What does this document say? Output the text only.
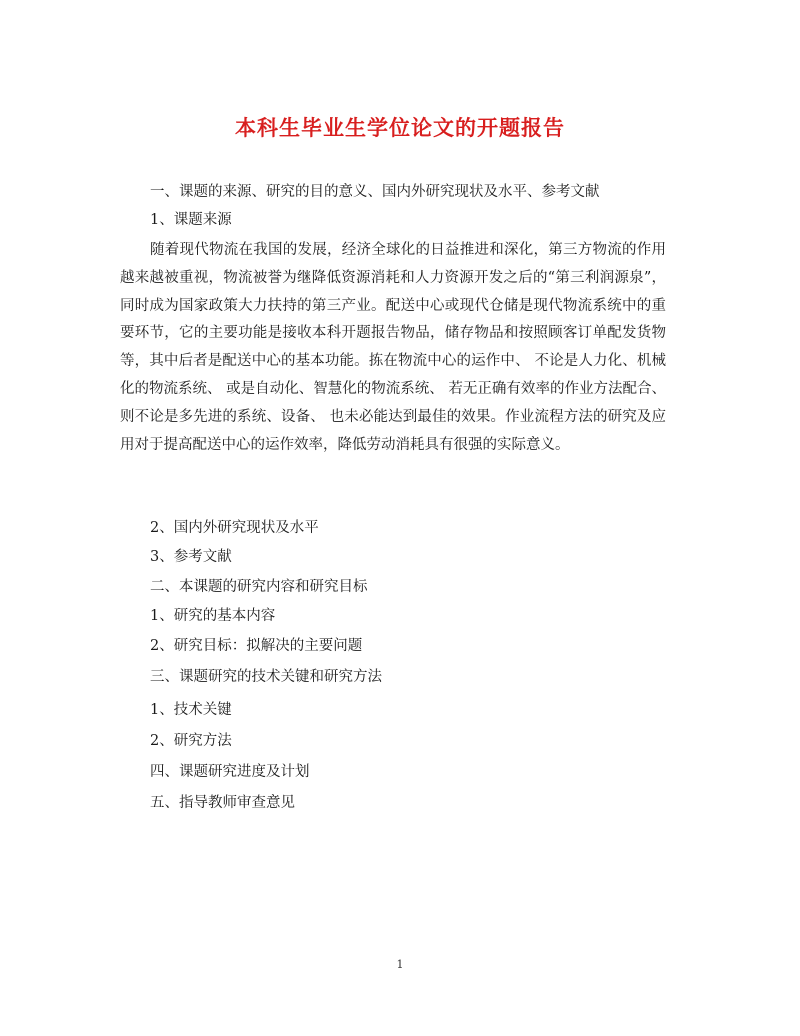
本科生毕业生学位论文的开题报告

一、课题的来源、研究的目的意义、国内外研究现状及水平、参考文献

1、课题来源

随着现代物流在我国的发展，经济全球化的日益推进和深化，第三方物流的作用越来越被重视，物流被誉为继降低资源消耗和人力资源开发之后的“第三利润源泉”，同时成为国家政策大力扶持的第三产业。配送中心或现代仓储是现代物流系统中的重要环节，它的主要功能是接收本科开题报告物品，储存物品和按照顾客订单配发货物等，其中后者是配送中心的基本功能。拣在物流中心的运作中、 不论是人力化、机械化的物流系统、 或是自动化、智慧化的物流系统、 若无正确有效率的作业方法配合、 则不论是多先进的系统、设备、 也未必能达到最佳的效果。作业流程方法的研究及应用对于提高配送中心的运作效率，降低劳动消耗具有很强的实际意义。

2、国内外研究现状及水平

3、参考文献

二、本课题的研究内容和研究目标

1、研究的基本内容

2、研究目标：拟解决的主要问题

三、课题研究的技术关键和研究方法

1、技术关键

2、研究方法

四、课题研究进度及计划

五、指导教师审查意见

1
